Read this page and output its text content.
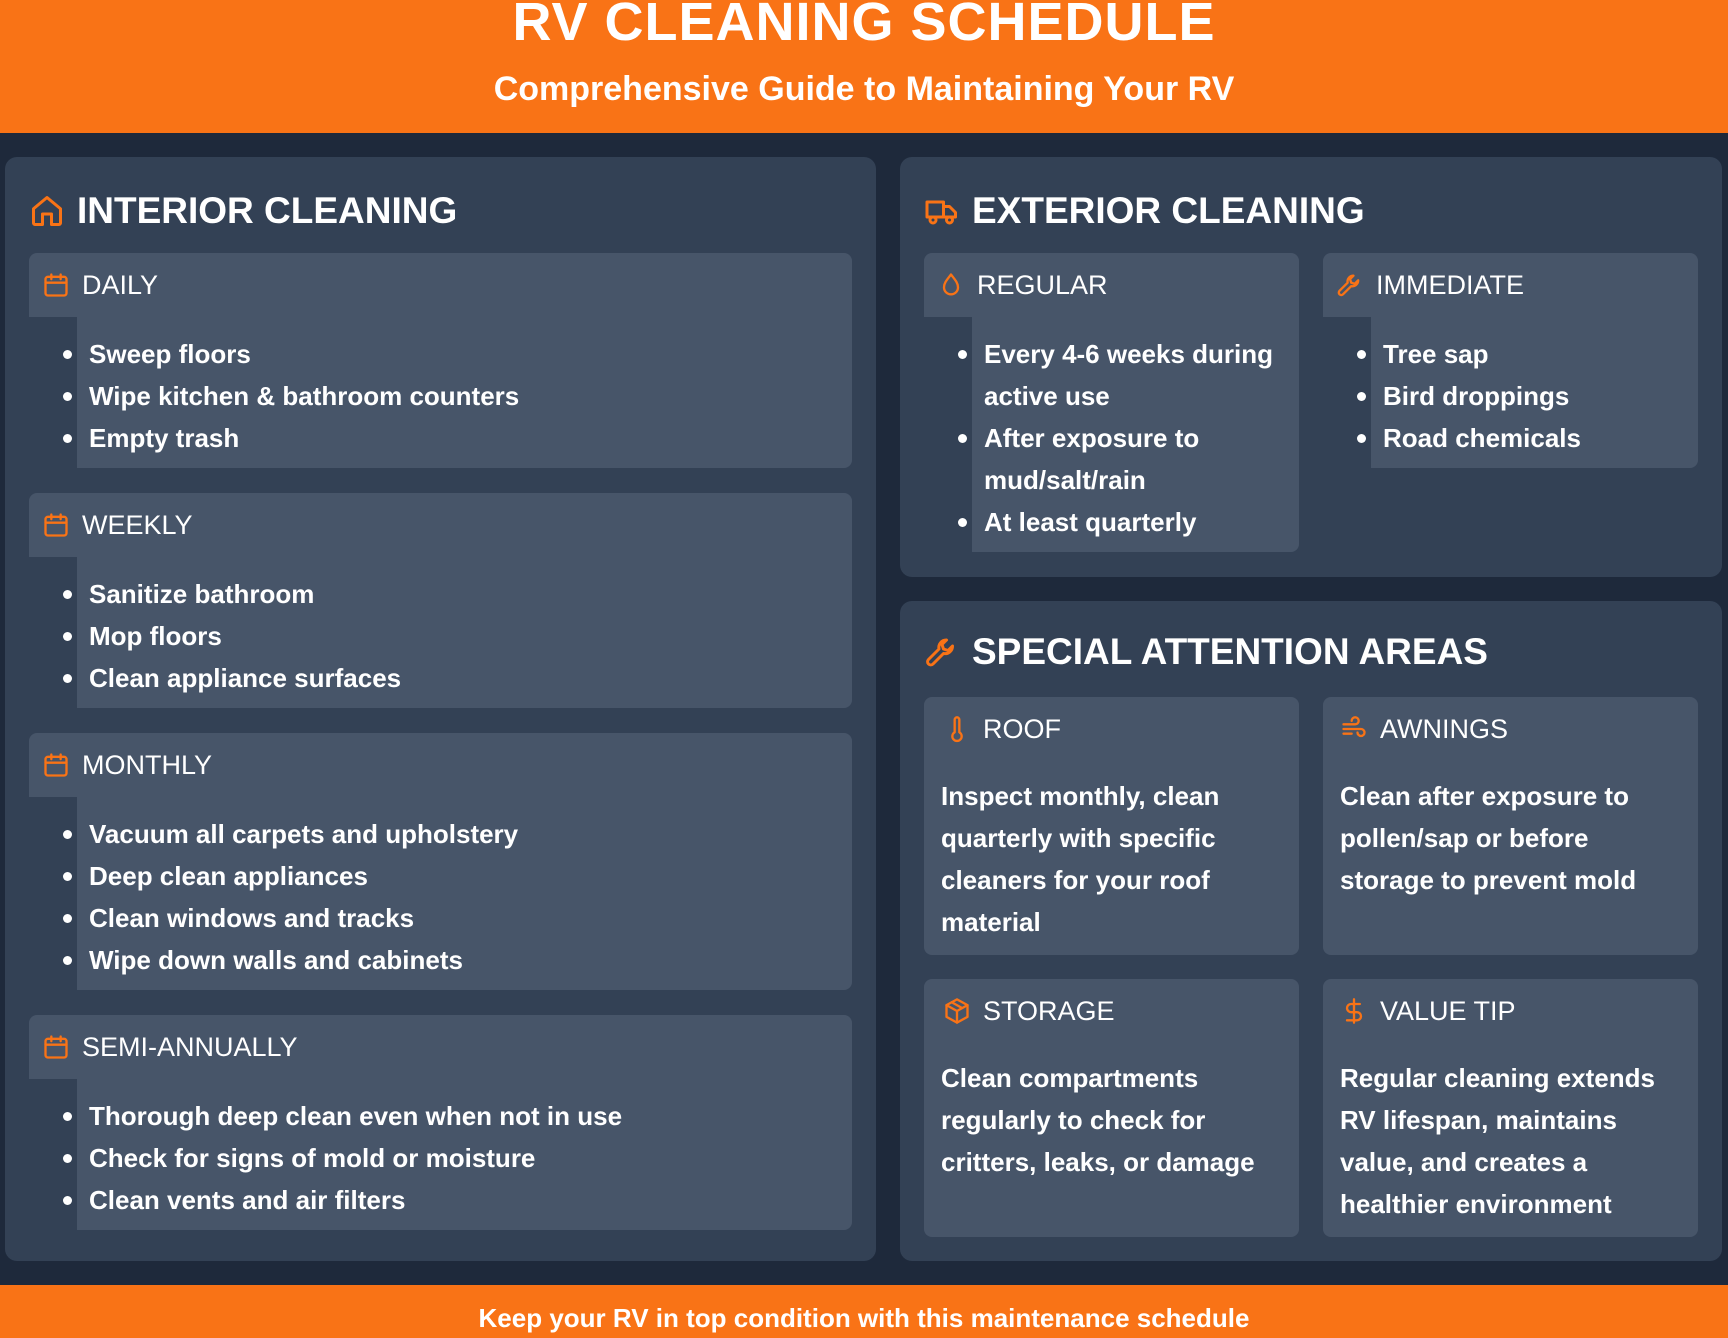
RV CLEANING SCHEDULE
Comprehensive Guide to Maintaining Your RV
INTERIOR CLEANING
DAILY
Sweep floors
Wipe kitchen & bathroom counters
Empty trash
WEEKLY
Sanitize bathroom
Mop floors
Clean appliance surfaces
MONTHLY
Vacuum all carpets and upholstery
Deep clean appliances
Clean windows and tracks
Wipe down walls and cabinets
SEMI-ANNUALLY
Thorough deep clean even when not in use
Check for signs of mold or moisture
Clean vents and air filters
EXTERIOR CLEANING
REGULAR
Every 4-6 weeks during active use
After exposure to mud/salt/rain
At least quarterly
IMMEDIATE
Tree sap
Bird droppings
Road chemicals
SPECIAL ATTENTION AREAS
ROOF
Inspect monthly, clean quarterly with specific cleaners for your roof material
AWNINGS
Clean after exposure to pollen/sap or before storage to prevent mold
STORAGE
Clean compartments regularly to check for critters, leaks, or damage
VALUE TIP
Regular cleaning extends RV lifespan, maintains value, and creates a healthier environment
Keep your RV in top condition with this maintenance schedule
